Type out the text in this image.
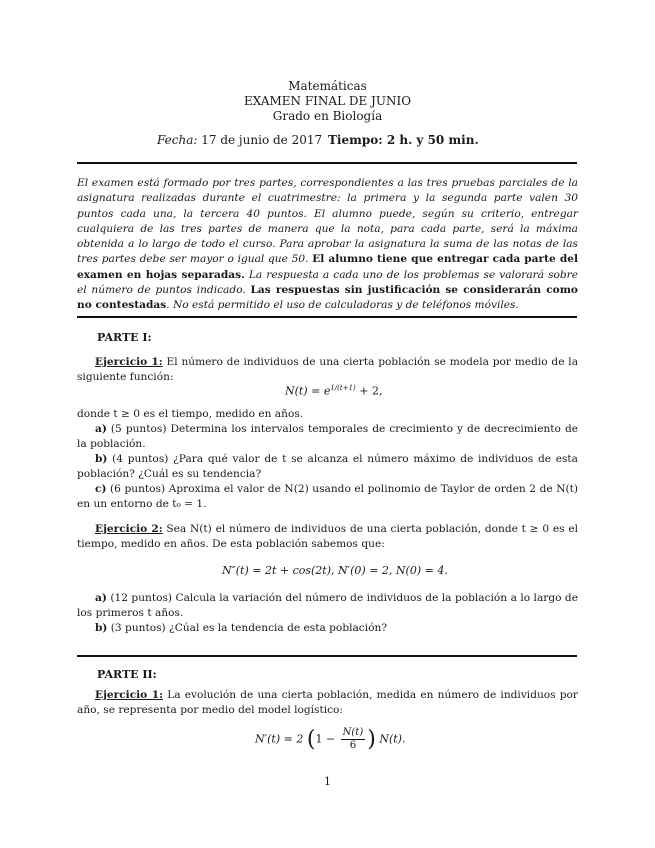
Matemáticas
EXAMEN FINAL DE JUNIO
Grado en Biología
Fecha: 17 de junio de 2017 Tiempo: 2 h. y 50 min.
El examen está formado por tres partes, correspondientes a las tres pruebas parciales de la asignatura realizadas durante el cuatrimestre: la primera y la segunda parte valen 30 puntos cada una, la tercera 40 puntos. El alumno puede, según su criterio, entregar cualquiera de las tres partes de manera que la nota, para cada parte, será la máxima obtenida a lo largo de todo el curso. Para aprobar la asignatura la suma de las notas de las tres partes debe ser mayor o igual que 50. El alumno tiene que entregar cada parte del examen en hojas separadas. La respuesta a cada uno de los problemas se valorará sobre el número de puntos indicado. Las respuestas sin justificación se considerarán como no contestadas. No está permitido el uso de calculadoras y de teléfonos móviles.
PARTE I:
Ejercicio 1: El número de individuos de una cierta población se modela por medio de la siguiente función:
$N(t) = e^{1/(t+1)} + 2$,
donde t ≥ 0 es el tiempo, medido en años.
a) (5 puntos) Determina los intervalos temporales de crecimiento y de decrecimiento de la población.
b) (4 puntos) ¿Para qué valor de t se alcanza el número máximo de individuos de esta población? ¿Cuál es su tendencia?
c) (6 puntos) Aproxima el valor de N(2) usando el polinomio de Taylor de orden 2 de N(t) en un entorno de t₀ = 1.
Ejercicio 2: Sea N(t) el número de individuos de una cierta población, donde t ≥ 0 es el tiempo, medido en años. De esta población sabemos que:
N″(t) = 2t + cos(2t), N′(0) = 2, N(0) = 4.
a) (12 puntos) Calcula la variación del número de individuos de la población a lo largo de los primeros t años.
b) (3 puntos) ¿Cúal es la tendencia de esta población?
PARTE II:
Ejercicio 1: La evolución de una cierta población, medida en número de individuos por año, se representa por medio del model logístico:
N′(t) = 2 ($1 - \frac{N(t)}{6}$ ) N(t).
1
